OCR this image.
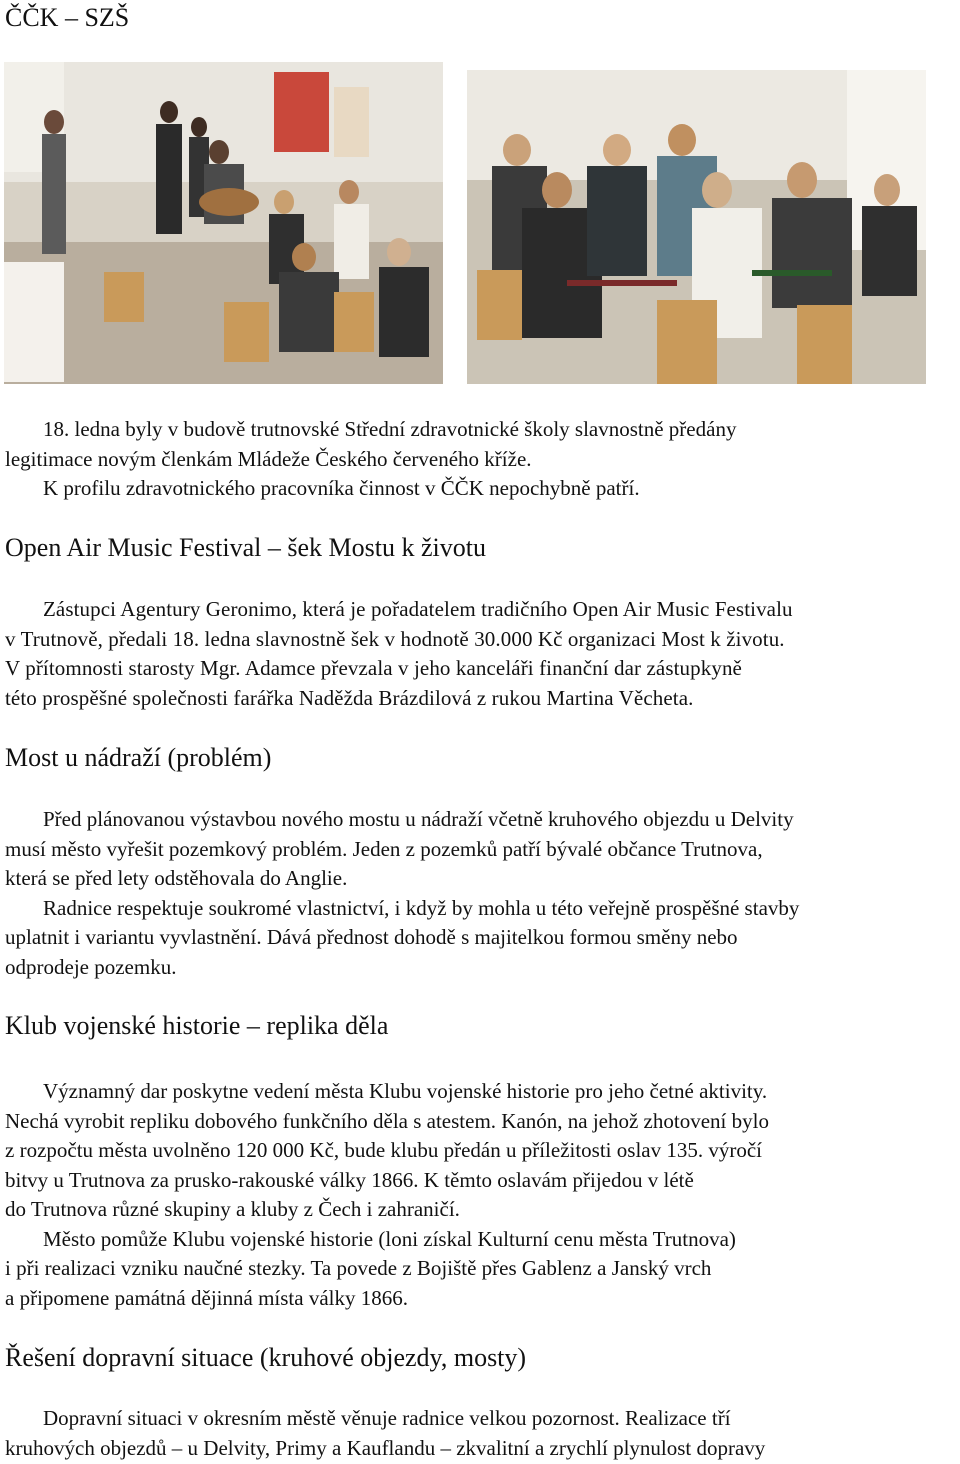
ČČK – SZŠ
18. ledna byly v budově trutnovské Střední zdravotnické školy slavnostně předány
legitimace novým členkám Mládeže Českého červeného kříže.
K profilu zdravotnického pracovníka činnost v ČČK nepochybně patří.
Open Air Music Festival – šek Mostu k životu
Zástupci Agentury Geronimo, která je pořadatelem tradičního Open Air Music Festivalu
v Trutnově, předali 18. ledna slavnostně šek v hodnotě 30.000 Kč organizaci Most k životu.
V přítomnosti starosty Mgr. Adamce převzala v jeho kanceláři finanční dar zástupkyně
této prospěšné společnosti farářka Naděžda Brázdilová z rukou Martina Věcheta.
Most u nádraží (problém)
Před plánovanou výstavbou nového mostu u nádraží včetně kruhového objezdu u Delvity
musí město vyřešit pozemkový problém. Jeden z pozemků patří bývalé občance Trutnova,
která se před lety odstěhovala do Anglie.
Radnice respektuje soukromé vlastnictví, i když by mohla u této veřejně prospěšné stavby
uplatnit i variantu vyvlastnění. Dává přednost dohodě s majitelkou formou směny nebo
odprodeje pozemku.
Klub vojenské historie – replika děla
Významný dar poskytne vedení města Klubu vojenské historie pro jeho četné aktivity.
Nechá vyrobit repliku dobového funkčního děla s atestem. Kanón, na jehož zhotovení bylo
z rozpočtu města uvolněno 120 000 Kč, bude klubu předán u příležitosti oslav 135. výročí
bitvy u Trutnova za prusko-rakouské války 1866. K těmto oslavám přijedou v létě
do Trutnova různé skupiny a kluby z Čech i zahraničí.
Město pomůže Klubu vojenské historie (loni získal Kulturní cenu města Trutnova)
i při realizaci vzniku naučné stezky. Ta povede z Bojiště přes Gablenz a Janský vrch
a připomene památná dějinná místa války 1866.
Řešení dopravní situace (kruhové objezdy, mosty)
Dopravní situaci v okresním městě věnuje radnice velkou pozornost. Realizace tří
kruhových objezdů – u Delvity, Primy a Kauflandu – zkvalitní a zrychlí plynulost dopravy
